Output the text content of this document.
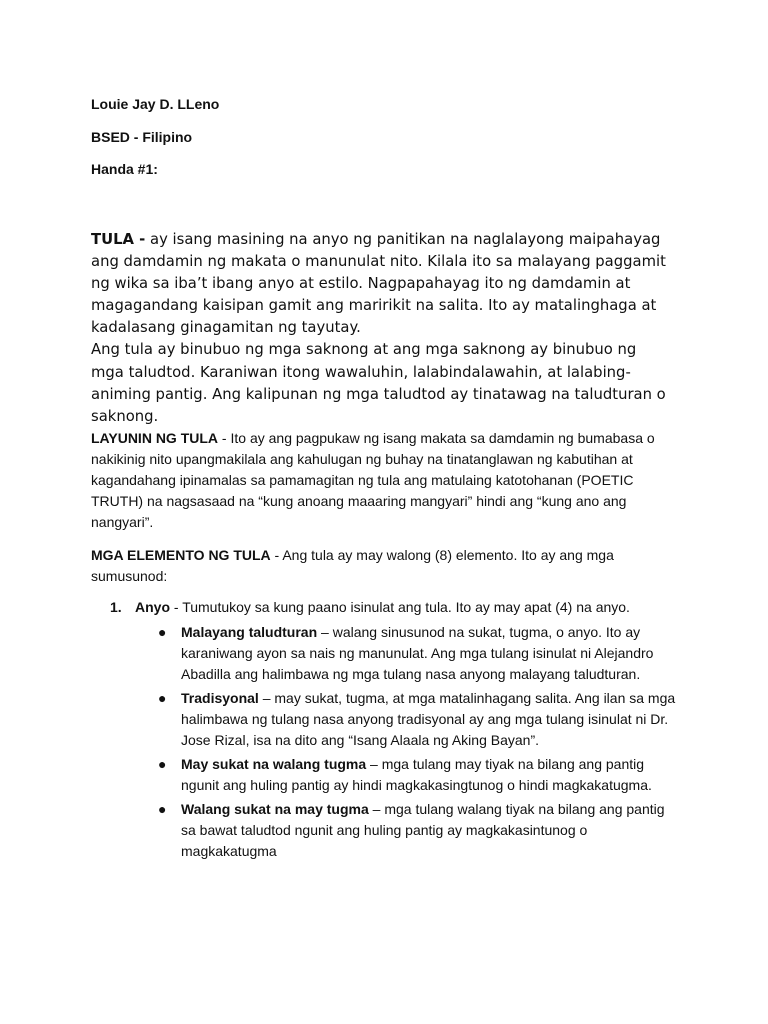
Louie Jay D. LLeno

BSED - Filipino

Handa #1:

TULA - ay isang masining na anyo ng panitikan na naglalayong maipahayag ang damdamin ng makata o manunulat nito. Kilala ito sa malayang paggamit ng wika sa iba’t ibang anyo at estilo. Nagpapahayag ito ng damdamin at magagandang kaisipan gamit ang maririkit na salita. Ito ay matalinghaga at kadalasang ginagamitan ng tayutay.

Ang tula ay binubuo ng mga saknong at ang mga saknong ay binubuo ng mga taludtod. Karaniwan itong wawaluhin, lalabindalawahin, at lalabing-animing pantig. Ang kalipunan ng mga taludtod ay tinatawag na taludturan o saknong.

LAYUNIN NG TULA - Ito ay ang pagpukaw ng isang makata sa damdamin ng bumabasa o nakikinig nito upangmakilala ang kahulugan ng buhay na tinatanglawan ng kabutihan at kagandahang ipinamalas sa pamamagitan ng tula ang matulaing katotohanan (POETIC TRUTH) na nagsasaad na “kung anoang maaaring mangyari” hindi ang “kung ano ang nangyari”.

MGA ELEMENTO NG TULA - Ang tula ay may walong (8) elemento. Ito ay ang mga sumusunod:

1. Anyo - Tumutukoy sa kung paano isinulat ang tula. Ito ay may apat (4) na anyo.
● Malayang taludturan – walang sinusunod na sukat, tugma, o anyo. Ito ay karaniwang ayon sa nais ng manunulat. Ang mga tulang isinulat ni Alejandro Abadilla ang halimbawa ng mga tulang nasa anyong malayang taludturan.
● Tradisyonal – may sukat, tugma, at mga matalinhagang salita. Ang ilan sa mga halimbawa ng tulang nasa anyong tradisyonal ay ang mga tulang isinulat ni Dr. Jose Rizal, isa na dito ang “Isang Alaala ng Aking Bayan”.
● May sukat na walang tugma – mga tulang may tiyak na bilang ang pantig ngunit ang huling pantig ay hindi magkakasingtunog o hindi magkakatugma.
● Walang sukat na may tugma – mga tulang walang tiyak na bilang ang pantig sa bawat taludtod ngunit ang huling pantig ay magkakasintunog o magkakatugma
